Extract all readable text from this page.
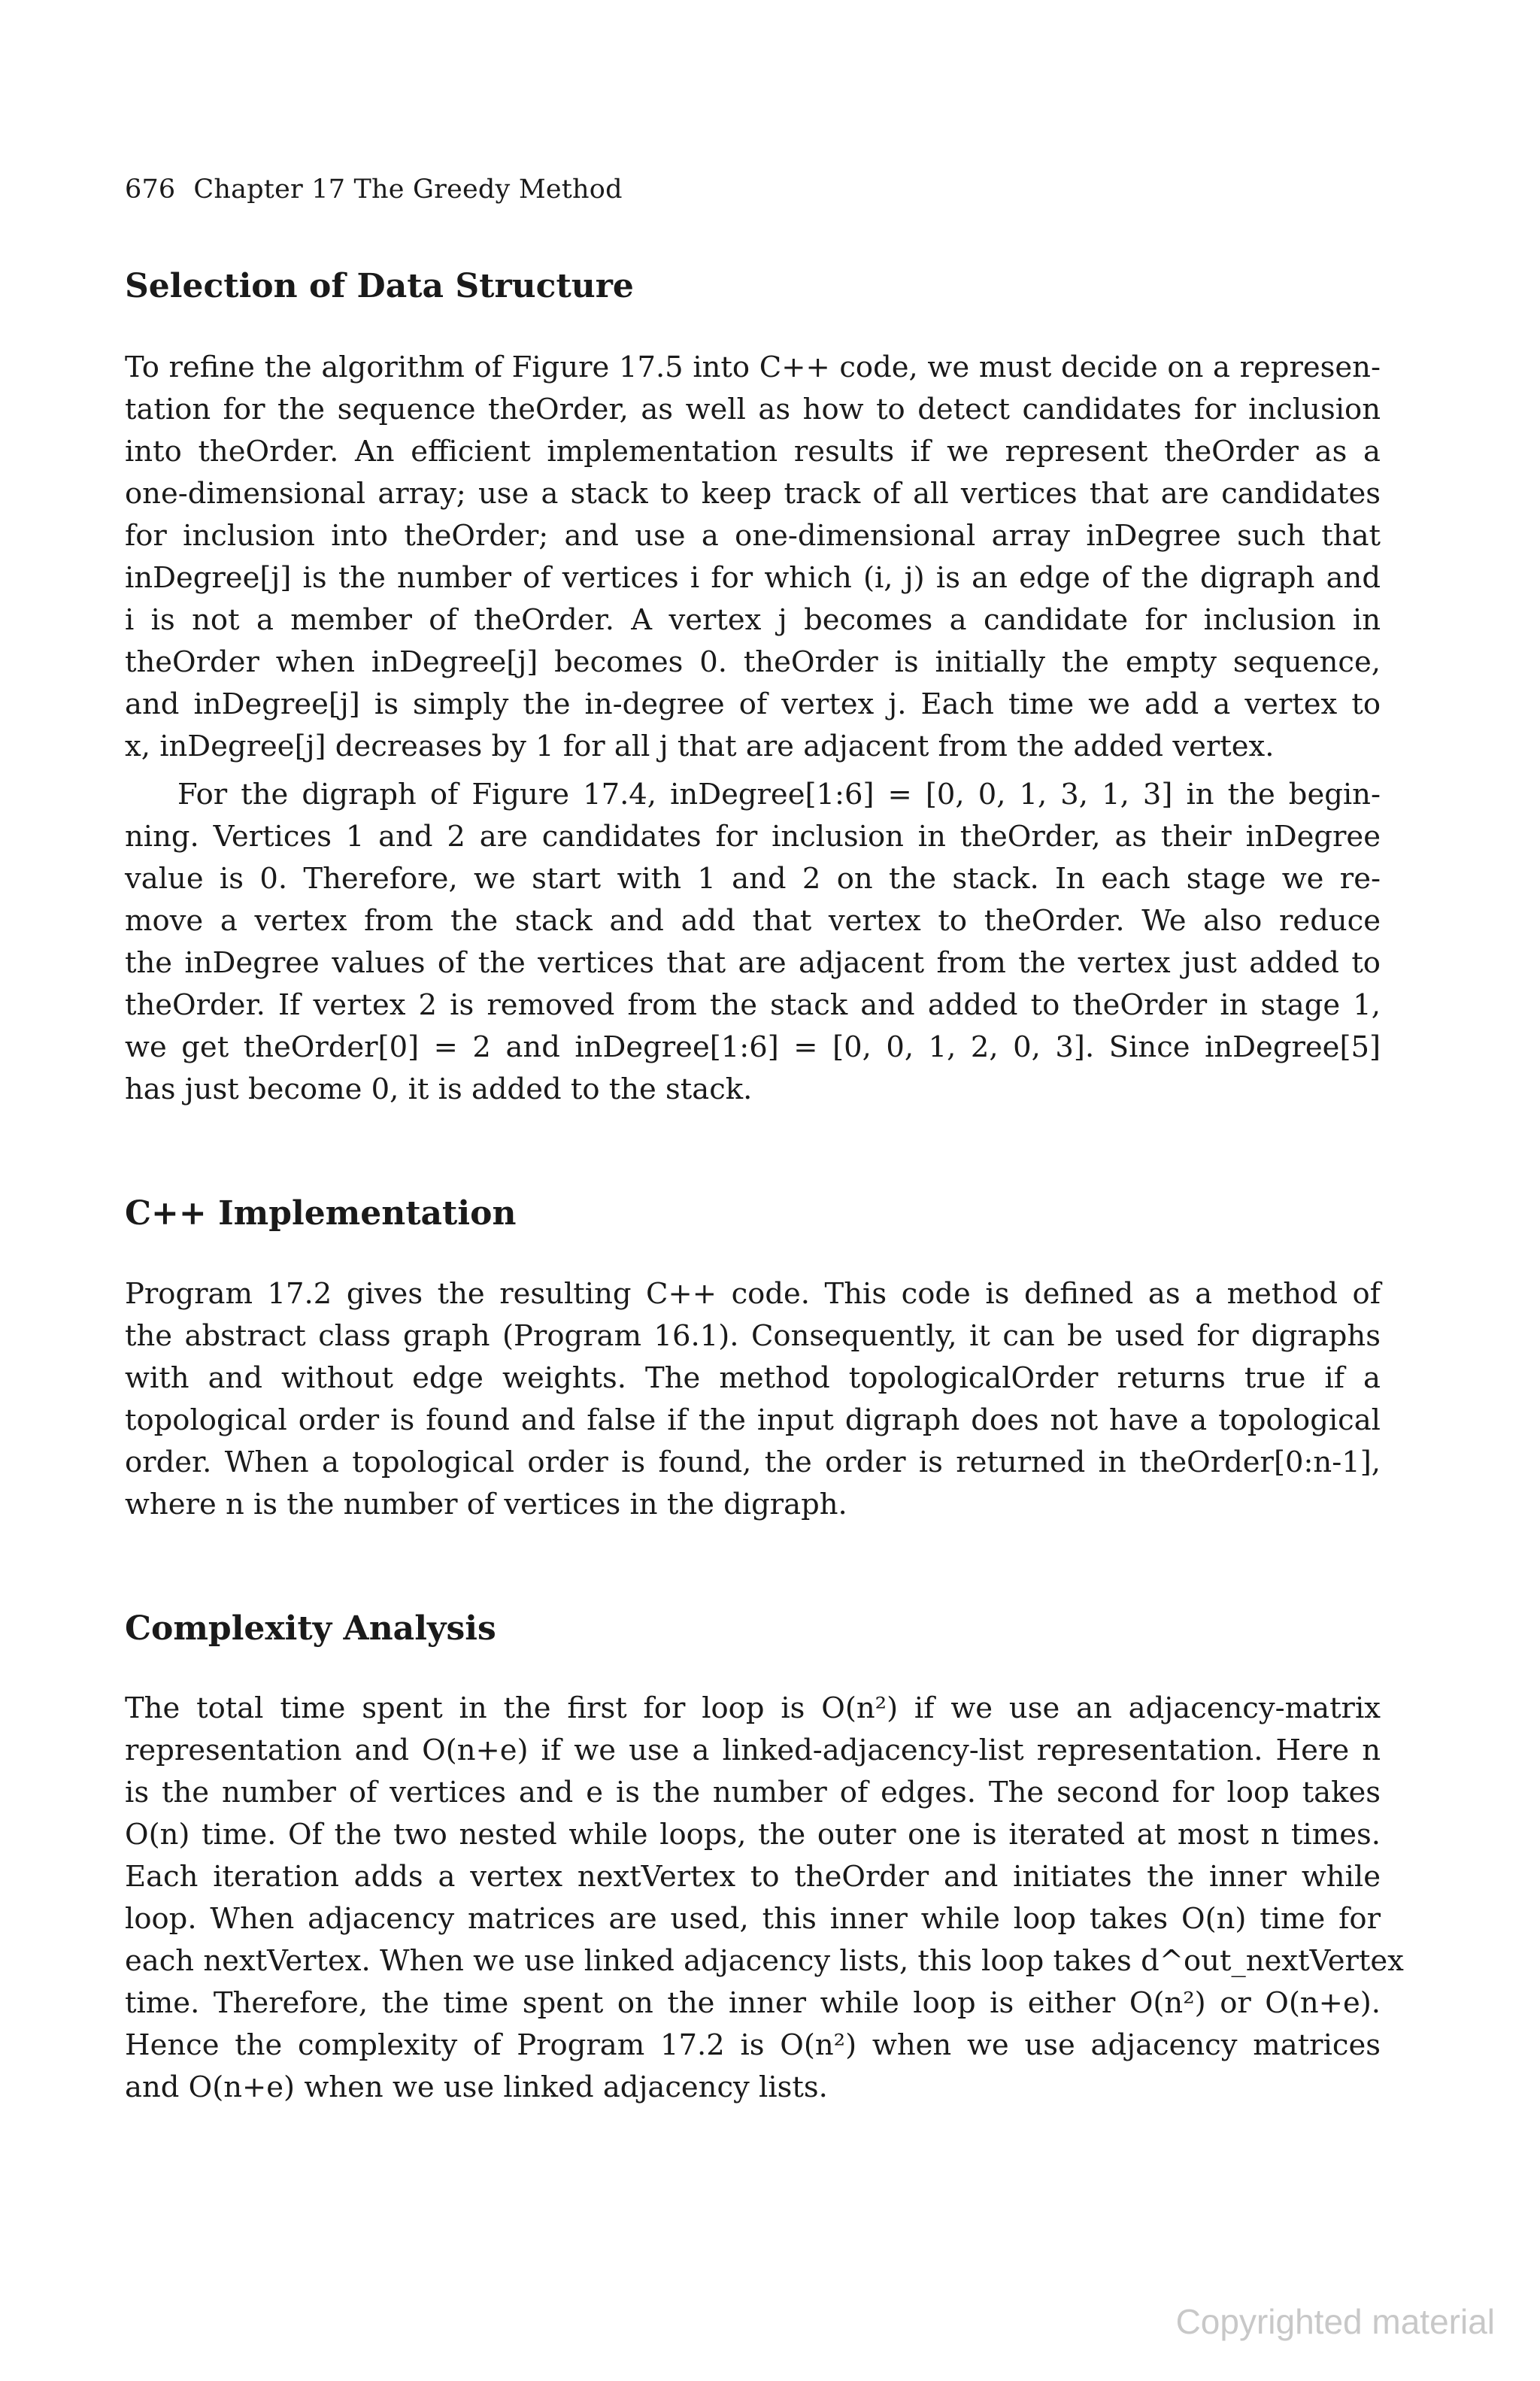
676 Chapter 17 The Greedy Method
Selection of Data Structure
To refine the algorithm of Figure 17.5 into C++ code, we must decide on a represen-
tation for the sequence theOrder, as well as how to detect candidates for inclusion
into theOrder. An efficient implementation results if we represent theOrder as a
one-dimensional array; use a stack to keep track of all vertices that are candidates
for inclusion into theOrder; and use a one-dimensional array inDegree such that
inDegree[j] is the number of vertices i for which (i, j) is an edge of the digraph and
i is not a member of theOrder. A vertex j becomes a candidate for inclusion in
theOrder when inDegree[j] becomes 0. theOrder is initially the empty sequence,
and inDegree[j] is simply the in-degree of vertex j. Each time we add a vertex to
x, inDegree[j] decreases by 1 for all j that are adjacent from the added vertex.
For the digraph of Figure 17.4, inDegree[1:6] = [0, 0, 1, 3, 1, 3] in the begin-
ning. Vertices 1 and 2 are candidates for inclusion in theOrder, as their inDegree
value is 0. Therefore, we start with 1 and 2 on the stack. In each stage we re-
move a vertex from the stack and add that vertex to theOrder. We also reduce
the inDegree values of the vertices that are adjacent from the vertex just added to
theOrder. If vertex 2 is removed from the stack and added to theOrder in stage 1,
we get theOrder[0] = 2 and inDegree[1:6] = [0, 0, 1, 2, 0, 3]. Since inDegree[5]
has just become 0, it is added to the stack.
C++ Implementation
Program 17.2 gives the resulting C++ code. This code is defined as a method of
the abstract class graph (Program 16.1). Consequently, it can be used for digraphs
with and without edge weights. The method topologicalOrder returns true if a
topological order is found and false if the input digraph does not have a topological
order. When a topological order is found, the order is returned in theOrder[0:n-1],
where n is the number of vertices in the digraph.
Complexity Analysis
The total time spent in the first for loop is O(n²) if we use an adjacency-matrix
representation and O(n+e) if we use a linked-adjacency-list representation. Here n
is the number of vertices and e is the number of edges. The second for loop takes
O(n) time. Of the two nested while loops, the outer one is iterated at most n times.
Each iteration adds a vertex nextVertex to theOrder and initiates the inner while
loop. When adjacency matrices are used, this inner while loop takes O(n) time for
each nextVertex. When we use linked adjacency lists, this loop takes d^out_nextVertex
time. Therefore, the time spent on the inner while loop is either O(n²) or O(n+e).
Hence the complexity of Program 17.2 is O(n²) when we use adjacency matrices
and O(n+e) when we use linked adjacency lists.
Copyrighted material
